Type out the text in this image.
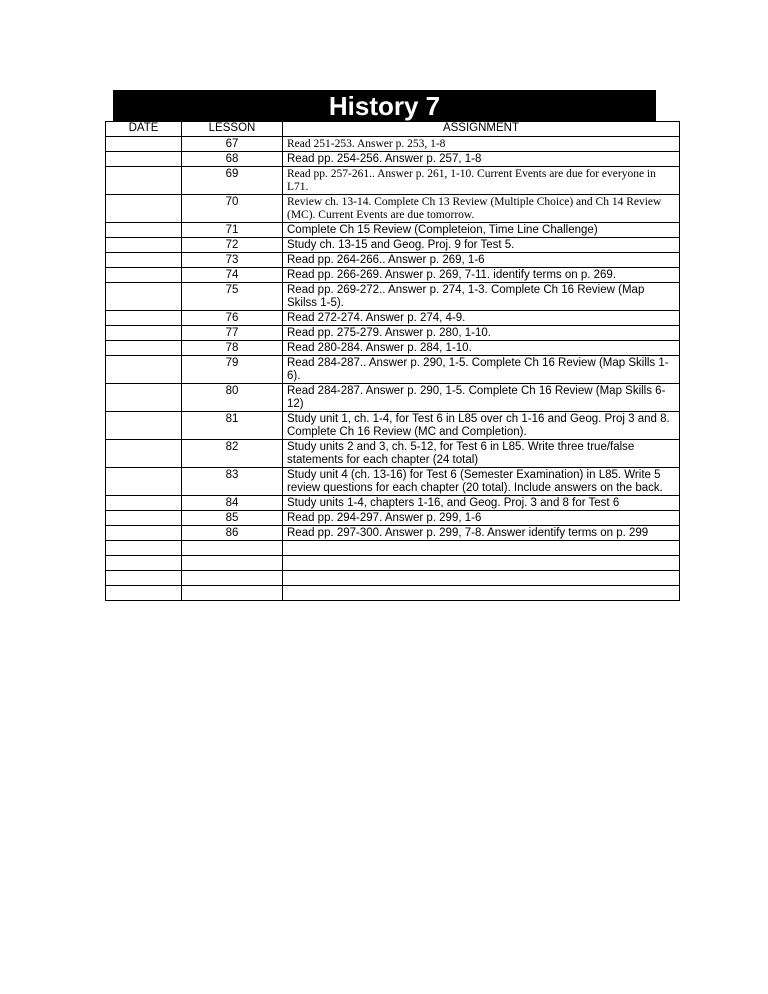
History 7
DATE	LESSON	ASSIGNMENT
	67	Read 251-253. Answer p. 253, 1-8
	68	Read pp. 254-256. Answer p. 257, 1-8
	69	Read pp. 257-261.. Answer p. 261, 1-10. Current Events are due for everyone in L71.
	70	Review ch. 13-14. Complete Ch 13 Review (Multiple Choice) and Ch 14 Review (MC). Current Events are due tomorrow.
	71	Complete Ch 15 Review (Completeion, Time Line Challenge)
	72	Study ch. 13-15 and Geog. Proj. 9 for Test 5.
	73	Read pp. 264-266.. Answer p. 269, 1-6
	74	Read pp. 266-269. Answer p. 269, 7-11. identify terms on p. 269.
	75	Read pp. 269-272.. Answer p. 274, 1-3. Complete Ch 16 Review (Map Skilss 1-5).
	76	Read 272-274. Answer p. 274, 4-9.
	77	Read pp. 275-279. Answer p. 280, 1-10.
	78	Read 280-284. Answer p. 284, 1-10.
	79	Read 284-287.. Answer p. 290, 1-5. Complete Ch 16 Review (Map Skills 1-6).
	80	Read 284-287. Answer p. 290, 1-5. Complete Ch 16 Review (Map Skills 6-12)
	81	Study unit 1, ch. 1-4, for Test 6 in L85 over ch 1-16 and Geog. Proj 3 and 8. Complete Ch 16 Review (MC and Completion).
	82	Study units 2 and 3, ch. 5-12, for Test 6 in L85. Write three true/false statements for each chapter (24 total)
	83	Study unit 4 (ch. 13-16) for Test 6 (Semester Examination) in L85. Write 5 review questions for each chapter (20 total). Include answers on the back.
	84	Study units 1-4, chapters 1-16, and Geog. Proj. 3 and 8 for Test 6
	85	Read pp. 294-297. Answer p. 299, 1-6
	86	Read pp. 297-300. Answer p. 299, 7-8. Answer identify terms on p. 299
